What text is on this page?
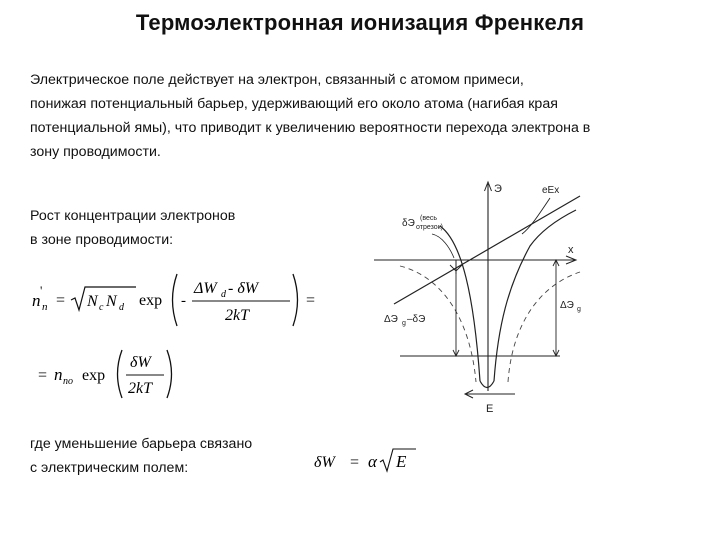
Термоэлектронная ионизация Френкеля
Электрическое поле действует на электрон, связанный с атомом примеси,
понижая потенциальный барьер, удерживающий его около атома (нагибая края
потенциальной ямы), что приводит к увеличению вероятности перехода электрона в
зону проводимости.
Рост концентрации электронов
в зоне проводимости:
n
'
n = N c N d exp -
ΔW d - δW
2kT
=
= n no exp
δW
2kT
где уменьшение барьера связано
с электрическим полем:	δW = α E
Э
x
eEx
δЭ (весь
отрезок)
ΔЭ g –δЭ
ΔЭ g
E
